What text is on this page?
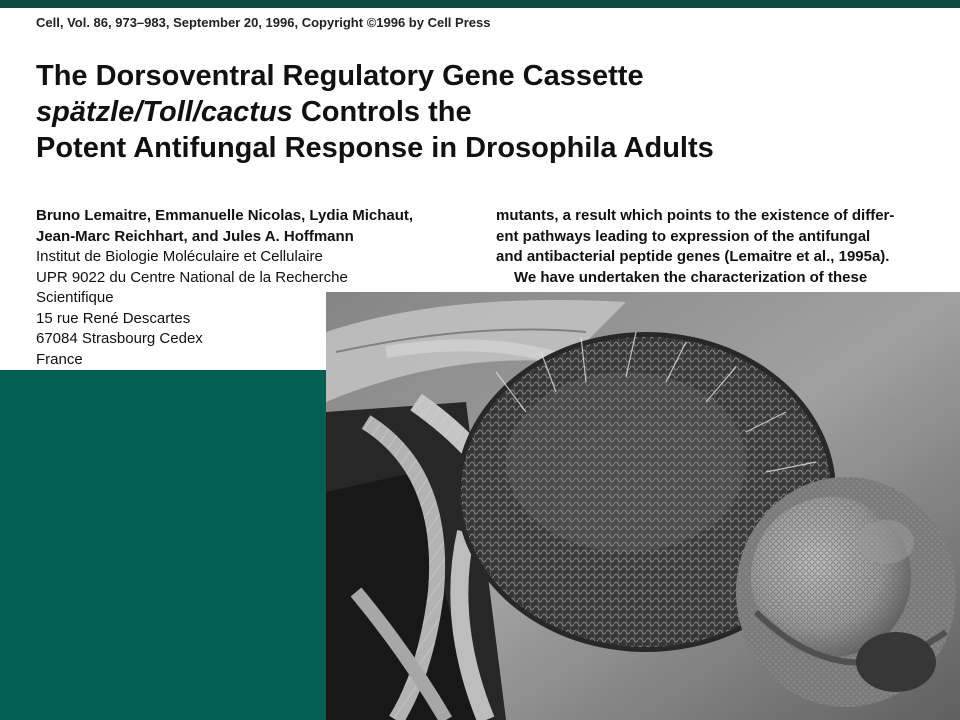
Cell, Vol. 86, 973–983, September 20, 1996, Copyright ©1996 by Cell Press
The Dorsoventral Regulatory Gene Cassette
spätzle/Toll/cactus Controls the
Potent Antifungal Response in Drosophila Adults
Bruno Lemaitre, Emmanuelle Nicolas, Lydia Michaut,
Jean-Marc Reichhart, and Jules A. Hoffmann
Institut de Biologie Moléculaire et Cellulaire
UPR 9022 du Centre National de la Recherche
Scientifique
15 rue René Descartes
67084 Strasbourg Cedex
France
mutants, a result which points to the existence of differ-
ent pathways leading to expression of the antifungal
and antibacterial peptide genes (Lemaitre et al., 1995a).
We have undertaken the characterization of these
